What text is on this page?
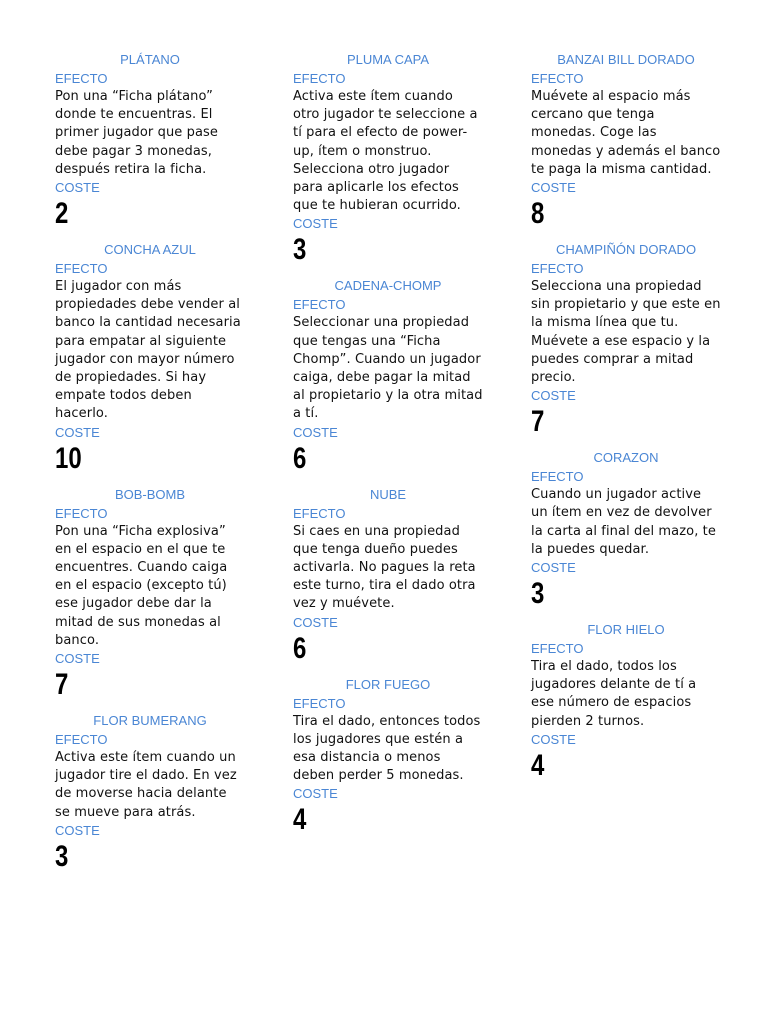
PLÁTANO
EFECTO
Pon una “Ficha plátano” donde te encuentras. El primer jugador que pase debe pagar 3 monedas, después retira la ficha.
COSTE
2
CONCHA AZUL
EFECTO
El jugador con más propiedades debe vender al banco la cantidad necesaria para empatar al siguiente jugador con mayor número de propiedades. Si hay empate todos deben hacerlo.
COSTE
10
BOB-BOMB
EFECTO
Pon una “Ficha explosiva” en el espacio en el que te encuentres. Cuando caiga en el espacio (excepto tú) ese jugador debe dar la mitad de sus monedas al banco.
COSTE
7
FLOR BUMERANG
EFECTO
Activa este ítem cuando un jugador tire el dado. En vez de moverse hacia delante se mueve para atrás.
COSTE
3
PLUMA CAPA
EFECTO
Activa este ítem cuando otro jugador te seleccione a tí para el efecto de power-up, ítem o monstruo. Selecciona otro jugador para aplicarle los efectos que te hubieran ocurrido.
COSTE
3
CADENA-CHOMP
EFECTO
Seleccionar una propiedad que tengas una “Ficha Chomp”. Cuando un jugador caiga, debe pagar la mitad al propietario y la otra mitad a tí.
COSTE
6
NUBE
EFECTO
Si caes en una propiedad que tenga dueño puedes activarla. No pagues la reta este turno, tira el dado otra vez y muévete.
COSTE
6
FLOR FUEGO
EFECTO
Tira el dado, entonces todos los jugadores que estén a esa distancia o menos deben perder 5 monedas.
COSTE
4
BANZAI BILL DORADO
EFECTO
Muévete al espacio más cercano que tenga monedas. Coge las monedas y además el banco te paga la misma cantidad.
COSTE
8
CHAMPIÑÓN DORADO
EFECTO
Selecciona una propiedad sin propietario y que este en la misma línea que tu. Muévete a ese espacio y la puedes comprar a mitad precio.
COSTE
7
CORAZON
EFECTO
Cuando un jugador active un ítem en vez de devolver la carta al final del mazo, te la puedes quedar.
COSTE
3
FLOR HIELO
EFECTO
Tira el dado, todos los jugadores delante de tí a ese número de espacios pierden 2 turnos.
COSTE
4
